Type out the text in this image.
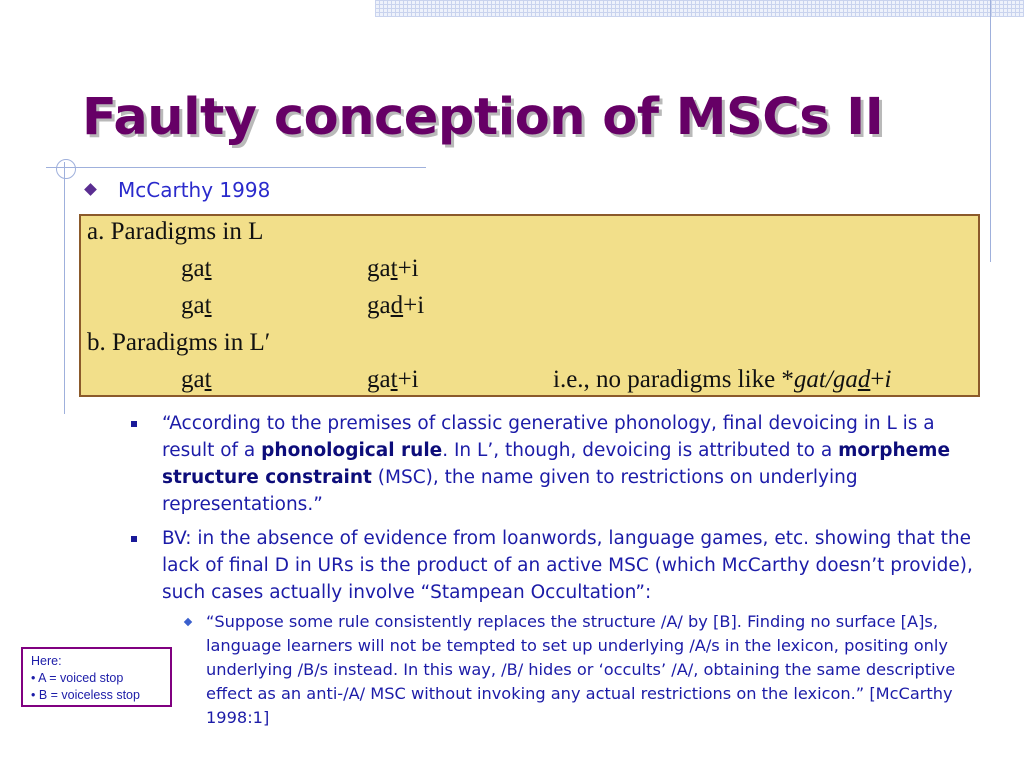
Faulty conception of MSCs II
McCarthy 1998
a. Paradigms in L
gat	gat+i
gat	gad+i
b. Paradigms in L′
gat	gat+i	i.e., no paradigms like *gat/gad+i
“According to the premises of classic generative phonology, final devoicing in L is a result of a phonological rule. In L’, though, devoicing is attributed to a morpheme structure constraint (MSC), the name given to restrictions on underlying representations.”
BV: in the absence of evidence from loanwords, language games, etc. showing that the lack of final D in URs is the product of an active MSC (which McCarthy doesn’t provide), such cases actually involve “Stampean Occultation”:
“Suppose some rule consistently replaces the structure /A/ by [B]. Finding no surface [A]s, language learners will not be tempted to set up underlying /A/s in the lexicon, positing only underlying /B/s instead. In this way, /B/ hides or ‘occults’ /A/, obtaining the same descriptive effect as an anti-/A/ MSC without invoking any actual restrictions on the lexicon.” [McCarthy 1998:1]
Here:
• A = voiced stop
• B = voiceless stop
